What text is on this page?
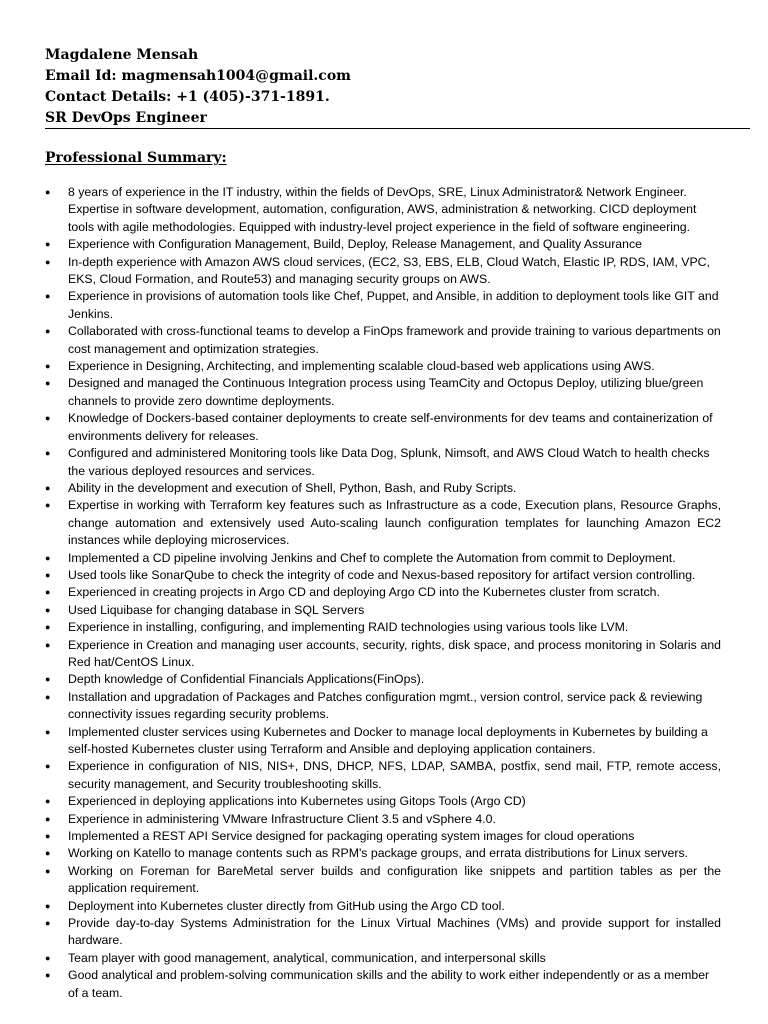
Magdalene Mensah
Email Id: magmensah1004@gmail.com
Contact Details: +1 (405)-371-1891.
SR DevOps Engineer
Professional Summary:
● 8 years of experience in the IT industry, within the fields of DevOps, SRE, Linux Administrator& Network Engineer. Expertise in software development, automation, configuration, AWS, administration & networking. CICD deployment tools with agile methodologies. Equipped with industry-level project experience in the field of software engineering.
● Experience with Configuration Management, Build, Deploy, Release Management, and Quality Assurance
● In-depth experience with Amazon AWS cloud services, (EC2, S3, EBS, ELB, Cloud Watch, Elastic IP, RDS, IAM, VPC, EKS, Cloud Formation, and Route53) and managing security groups on AWS.
● Experience in provisions of automation tools like Chef, Puppet, and Ansible, in addition to deployment tools like GIT and Jenkins.
● Collaborated with cross-functional teams to develop a FinOps framework and provide training to various departments on cost management and optimization strategies.
● Experience in Designing, Architecting, and implementing scalable cloud-based web applications using AWS.
● Designed and managed the Continuous Integration process using TeamCity and Octopus Deploy, utilizing blue/green channels to provide zero downtime deployments.
● Knowledge of Dockers-based container deployments to create self-environments for dev teams and containerization of environments delivery for releases.
● Configured and administered Monitoring tools like Data Dog, Splunk, Nimsoft, and AWS Cloud Watch to health checks the various deployed resources and services.
● Ability in the development and execution of Shell, Python, Bash, and Ruby Scripts.
● Expertise in working with Terraform key features such as Infrastructure as a code, Execution plans, Resource Graphs, change automation and extensively used Auto-scaling launch configuration templates for launching Amazon EC2 instances while deploying microservices.
● Implemented a CD pipeline involving Jenkins and Chef to complete the Automation from commit to Deployment.
● Used tools like SonarQube to check the integrity of code and Nexus-based repository for artifact version controlling.
● Experienced in creating projects in Argo CD and deploying Argo CD into the Kubernetes cluster from scratch.
● Used Liquibase for changing database in SQL Servers
● Experience in installing, configuring, and implementing RAID technologies using various tools like LVM.
● Experience in Creation and managing user accounts, security, rights, disk space, and process monitoring in Solaris and Red hat/CentOS Linux.
● Depth knowledge of Confidential Financials Applications(FinOps).
● Installation and upgradation of Packages and Patches configuration mgmt., version control, service pack & reviewing connectivity issues regarding security problems.
● Implemented cluster services using Kubernetes and Docker to manage local deployments in Kubernetes by building a self-hosted Kubernetes cluster using Terraform and Ansible and deploying application containers.
● Experience in configuration of NIS, NIS+, DNS, DHCP, NFS, LDAP, SAMBA, postfix, send mail, FTP, remote access, security management, and Security troubleshooting skills.
● Experienced in deploying applications into Kubernetes using Gitops Tools (Argo CD)
● Experience in administering VMware Infrastructure Client 3.5 and vSphere 4.0.
● Implemented a REST API Service designed for packaging operating system images for cloud operations
● Working on Katello to manage contents such as RPM's package groups, and errata distributions for Linux servers.
● Working on Foreman for BareMetal server builds and configuration like snippets and partition tables as per the application requirement.
● Deployment into Kubernetes cluster directly from GitHub using the Argo CD tool.
● Provide day-to-day Systems Administration for the Linux Virtual Machines (VMs) and provide support for installed hardware.
● Team player with good management, analytical, communication, and interpersonal skills
● Good analytical and problem-solving communication skills and the ability to work either independently or as a member of a team.
